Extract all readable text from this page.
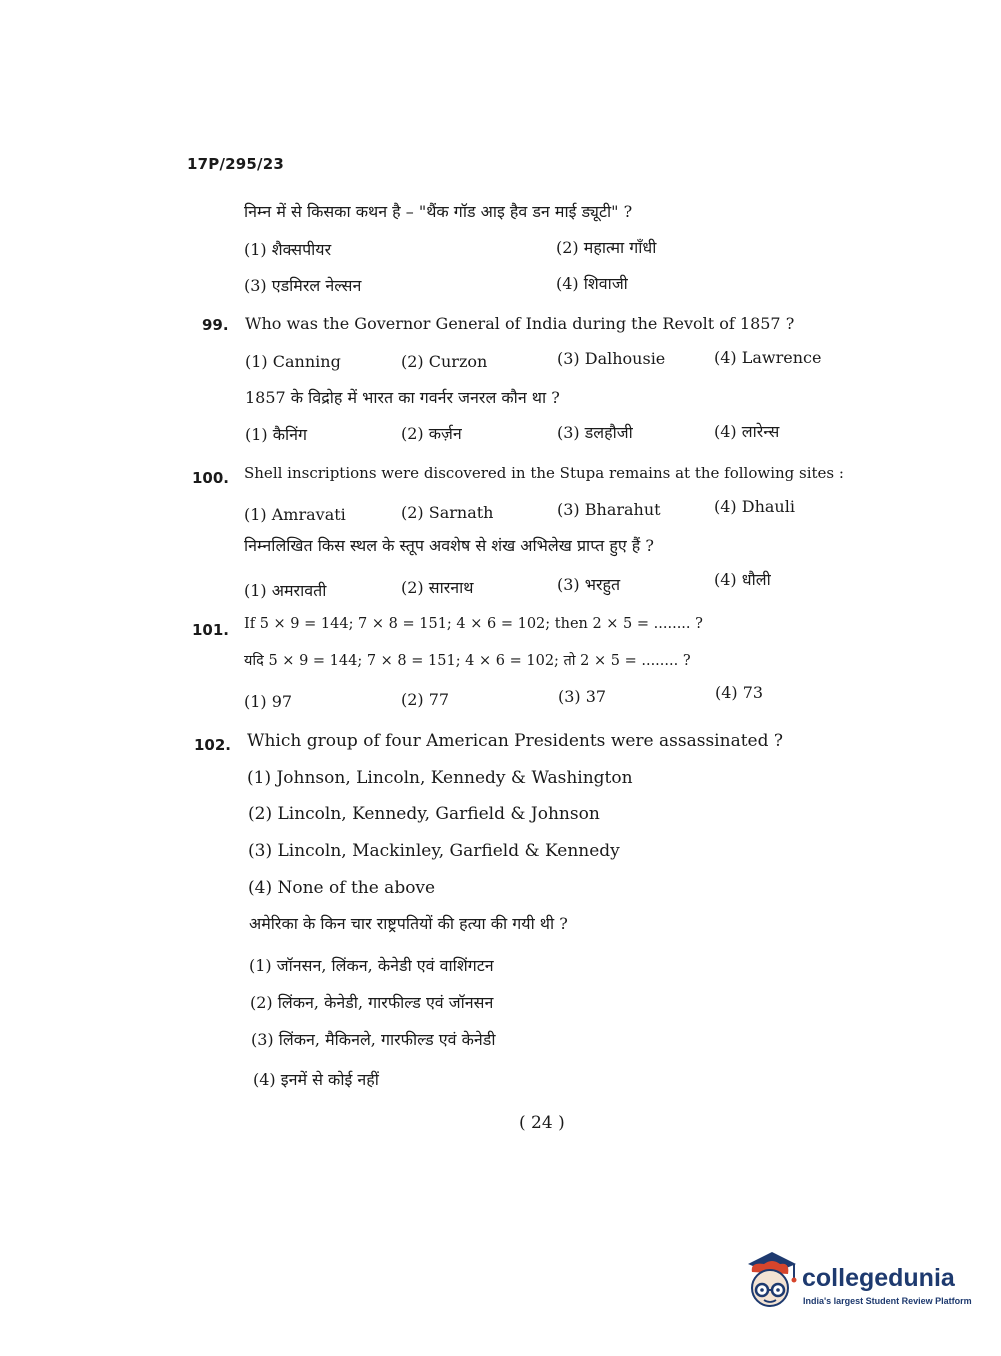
17P/295/23
निम्न में से किसका कथन है – "थैंक गॉड आइ हैव डन माई ड्यूटी" ?
(1) शैक्सपीयर	(2) महात्मा गाँधी
(3) एडमिरल नेल्सन	(4) शिवाजी
99. Who was the Governor General of India during the Revolt of 1857 ?
(1) Canning	(2) Curzon	(3) Dalhousie	(4) Lawrence
1857 के विद्रोह में भारत का गवर्नर जनरल कौन था ?
(1) कैनिंग	(2) कर्ज़न	(3) डलहौजी	(4) लारेन्स
100. Shell inscriptions were discovered in the Stupa remains at the following sites :
(1) Amravati	(2) Sarnath	(3) Bharahut	(4) Dhauli
निम्नलिखित किस स्थल के स्तूप अवशेष से शंख अभिलेख प्राप्त हुए हैं ?
(1) अमरावती	(2) सारनाथ	(3) भरहुत	(4) धौली
101. If 5 × 9 = 144; 7 × 8 = 151; 4 × 6 = 102; then 2 × 5 = ........ ?
यदि 5 × 9 = 144; 7 × 8 = 151; 4 × 6 = 102; तो 2 × 5 = ........ ?
(1) 97	(2) 77	(3) 37	(4) 73
102. Which group of four American Presidents were assassinated ?
(1) Johnson, Lincoln, Kennedy & Washington
(2) Lincoln, Kennedy, Garfield & Johnson
(3) Lincoln, Mackinley, Garfield & Kennedy
(4) None of the above
अमेरिका के किन चार राष्ट्रपतियों की हत्या की गयी थी ?
(1) जॉनसन, लिंकन, केनेडी एवं वाशिंगटन
(2) लिंकन, केनेडी, गारफील्ड एवं जॉनसन
(3) लिंकन, मैकिनले, गारफील्ड एवं केनेडी
(4) इनमें से कोई नहीं
( 24 )
collegedunia
India's largest Student Review Platform
